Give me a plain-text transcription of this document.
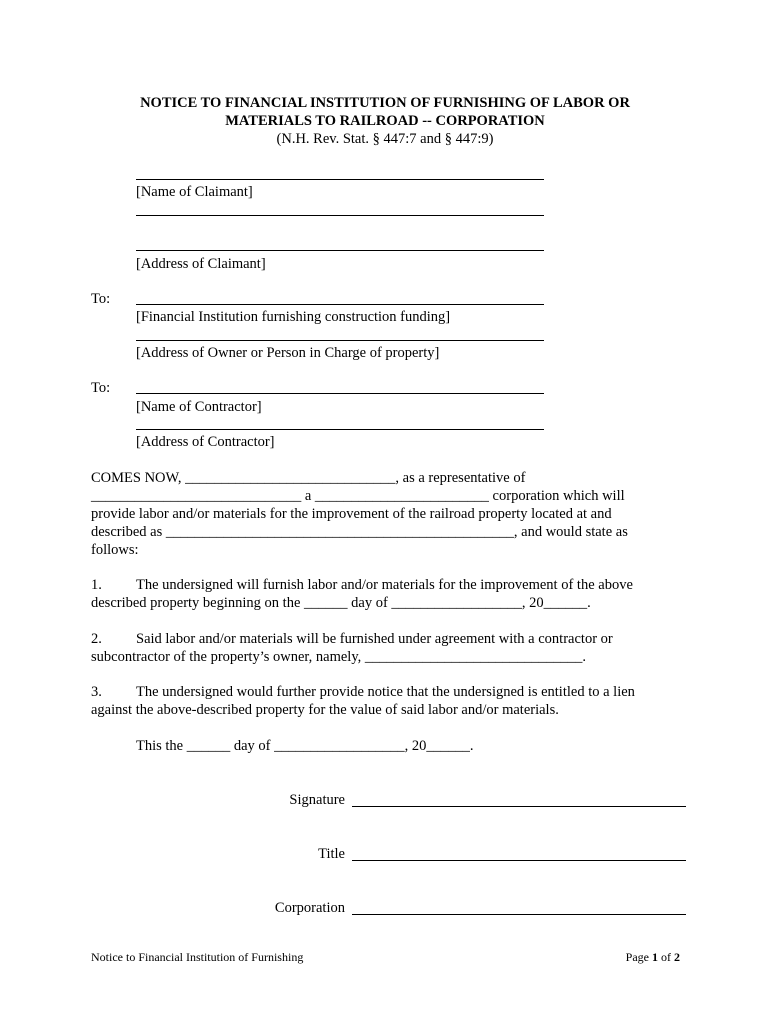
NOTICE TO FINANCIAL INSTITUTION OF FURNISHING OF LABOR OR
MATERIALS TO RAILROAD -- CORPORATION
(N.H. Rev. Stat. § 447:7 and § 447:9)
[Name of Claimant]
[Address of Claimant]
To:
[Financial Institution furnishing construction funding]
[Address of Owner or Person in Charge of property]
To:
[Name of Contractor]
[Address of Contractor]
COMES NOW, _____________________________, as a representative of
_____________________________ a ________________________ corporation which will
provide labor and/or materials for the improvement of the railroad property located at and
described as ________________________________________________, and would state as
follows:
1. The undersigned will furnish labor and/or materials for the improvement of the above
described property beginning on the ______ day of __________________, 20______.
2. Said labor and/or materials will be furnished under agreement with a contractor or
subcontractor of the property’s owner, namely, ______________________________.
3. The undersigned would further provide notice that the undersigned is entitled to a lien
against the above-described property for the value of said labor and/or materials.
This the ______ day of __________________, 20______.
Signature
Title
Corporation
Notice to Financial Institution of Furnishing	Page 1 of 2
